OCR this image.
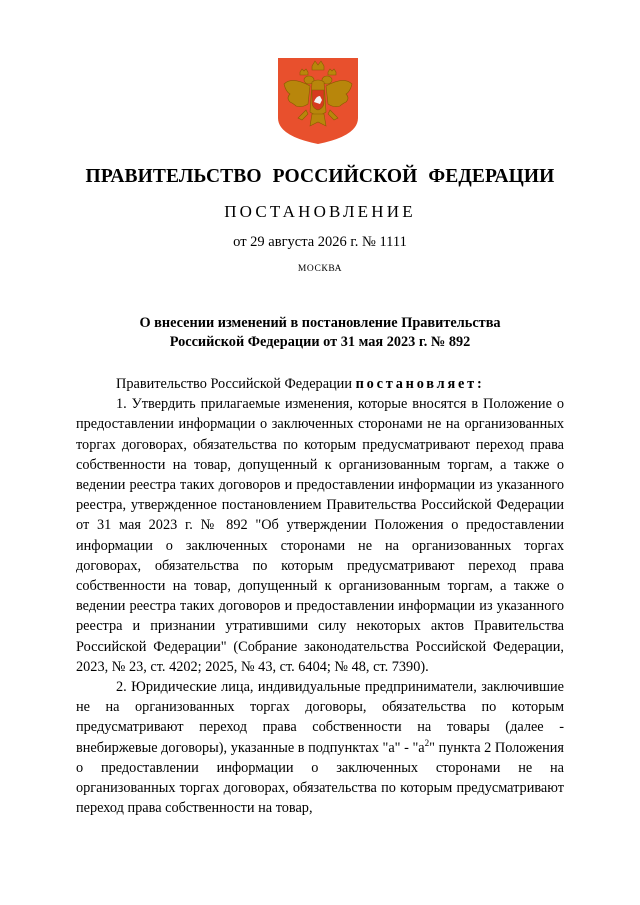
ПРАВИТЕЛЬСТВО РОССИЙСКОЙ ФЕДЕРАЦИИ
ПОСТАНОВЛЕНИЕ
от 29 августа 2026 г. № 1111
МОСКВА
О внесении изменений в постановление Правительства
Российской Федерации от 31 мая 2023 г. № 892

Правительство Российской Федерации постановляет:

1. Утвердить прилагаемые изменения, которые вносятся в Положение о предоставлении информации о заключенных сторонами не на организованных торгах договорах, обязательства по которым предусматривают переход права собственности на товар, допущенный к организованным торгам, а также о ведении реестра таких договоров и предоставлении информации из указанного реестра, утвержденное постановлением Правительства Российской Федерации от 31 мая 2023 г. № 892 "Об утверждении Положения о предоставлении информации о заключенных сторонами не на организованных торгах договорах, обязательства по которым предусматривают переход права собственности на товар, допущенный к организованным торгам, а также о ведении реестра таких договоров и предоставлении информации из указанного реестра и признании утратившими силу некоторых актов Правительства Российской Федерации" (Собрание законодательства Российской Федерации, 2023, № 23, ст. 4202; 2025, № 43, ст. 6404; № 48, ст. 7390).

2. Юридические лица, индивидуальные предприниматели, заключившие не на организованных торгах договоры, обязательства по которым предусматривают переход права собственности на товары (далее - внебиржевые договоры), указанные в подпунктах "а" - "$а^2$" пункта 2 Положения о предоставлении информации о заключенных сторонами не на организованных торгах договорах, обязательства по которым предусматривают переход права собственности на товар,
